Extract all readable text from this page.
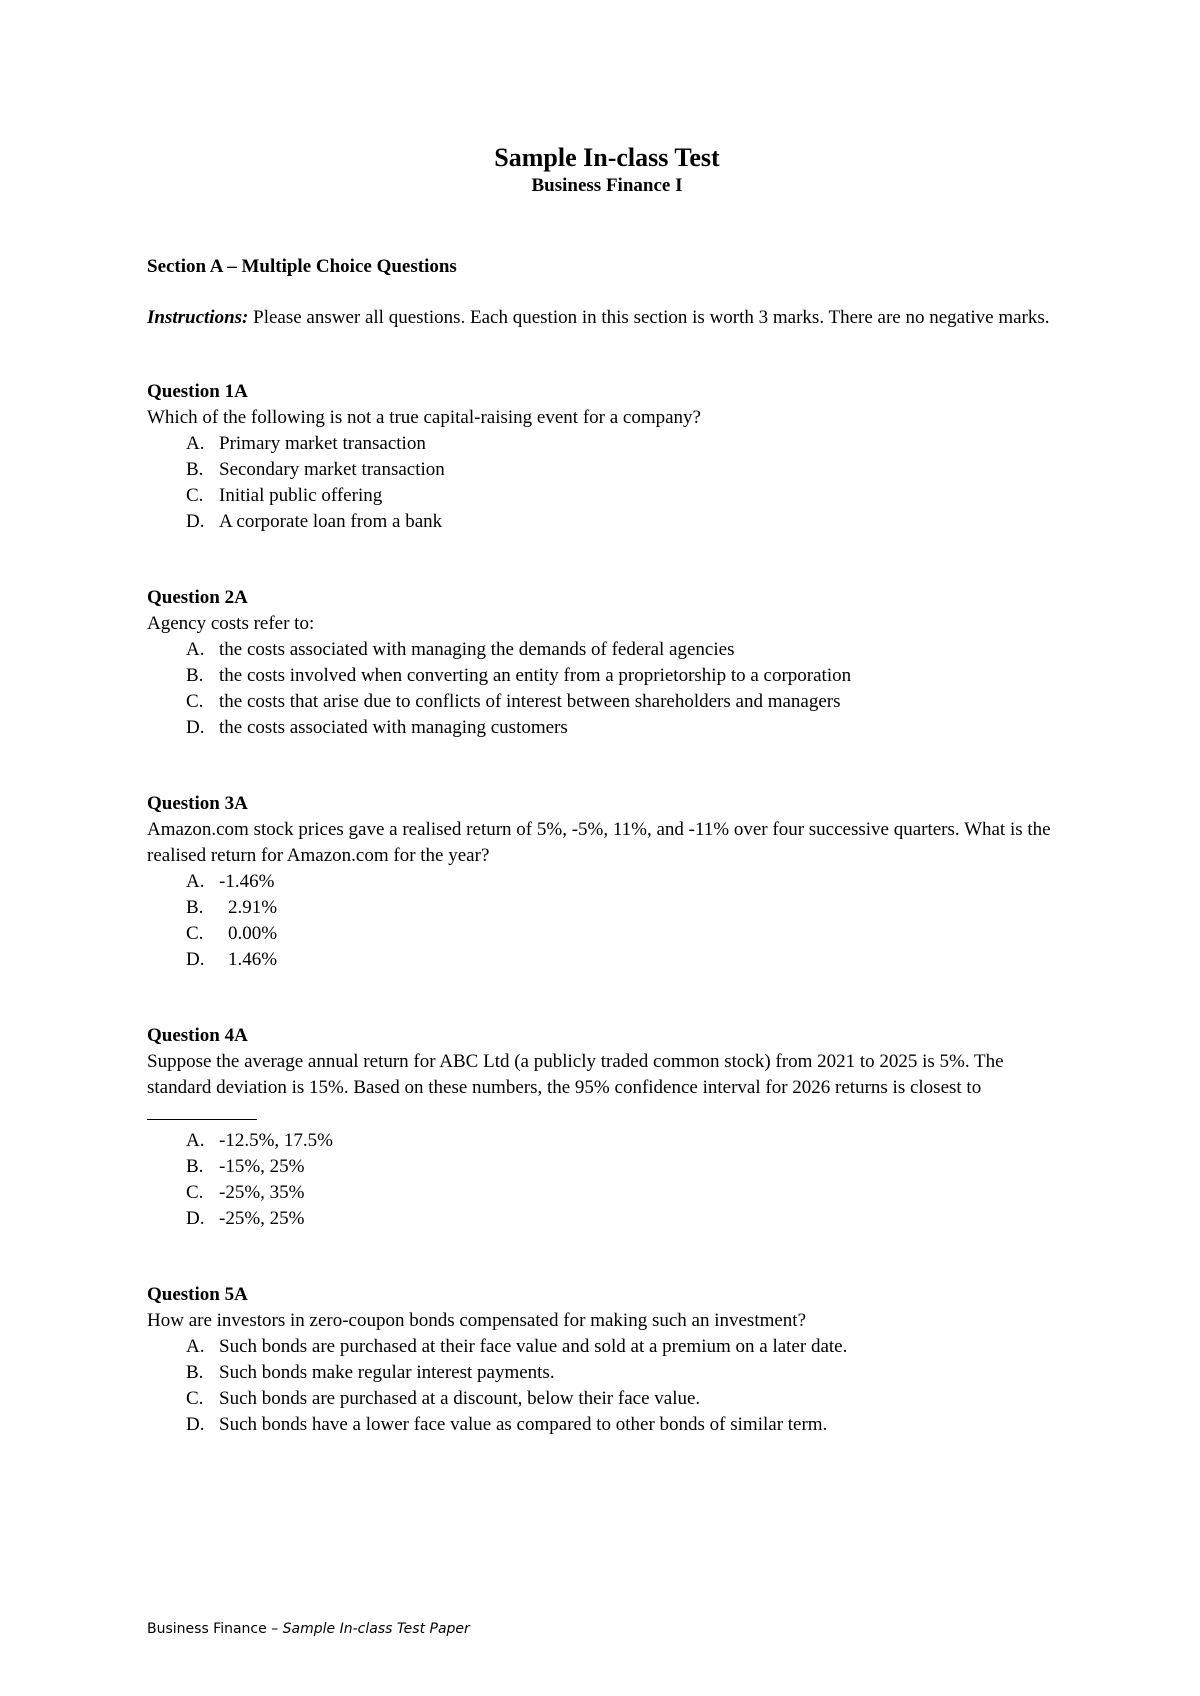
Sample In-class Test
Business Finance I
Section A – Multiple Choice Questions

Instructions: Please answer all questions. Each question in this section is worth 3 marks. There are no negative marks.

Question 1A
Which of the following is not a true capital-raising event for a company?
A. Primary market transaction
B. Secondary market transaction
C. Initial public offering
D. A corporate loan from a bank
Question 2A
Agency costs refer to:
A. the costs associated with managing the demands of federal agencies
B. the costs involved when converting an entity from a proprietorship to a corporation
C. the costs that arise due to conflicts of interest between shareholders and managers
D. the costs associated with managing customers
Question 3A
Amazon.com stock prices gave a realised return of 5%, -5%, 11%, and -11% over four successive quarters. What is the realised return for Amazon.com for the year?
A. -1.46%
B.	2.91%
C.	0.00%
D.	1.46%
Question 4A
Suppose the average annual return for ABC Ltd (a publicly traded common stock) from 2021 to 2025 is 5%. The standard deviation is 15%. Based on these numbers, the 95% confidence interval for 2026 returns is closest to
A. -12.5%, 17.5%
B. -15%, 25%
C. -25%, 35%
D. -25%, 25%
Question 5A
How are investors in zero-coupon bonds compensated for making such an investment?
A. Such bonds are purchased at their face value and sold at a premium on a later date.
B. Such bonds make regular interest payments.
C. Such bonds are purchased at a discount, below their face value.
D. Such bonds have a lower face value as compared to other bonds of similar term.
Business Finance – Sample In-class Test Paper
